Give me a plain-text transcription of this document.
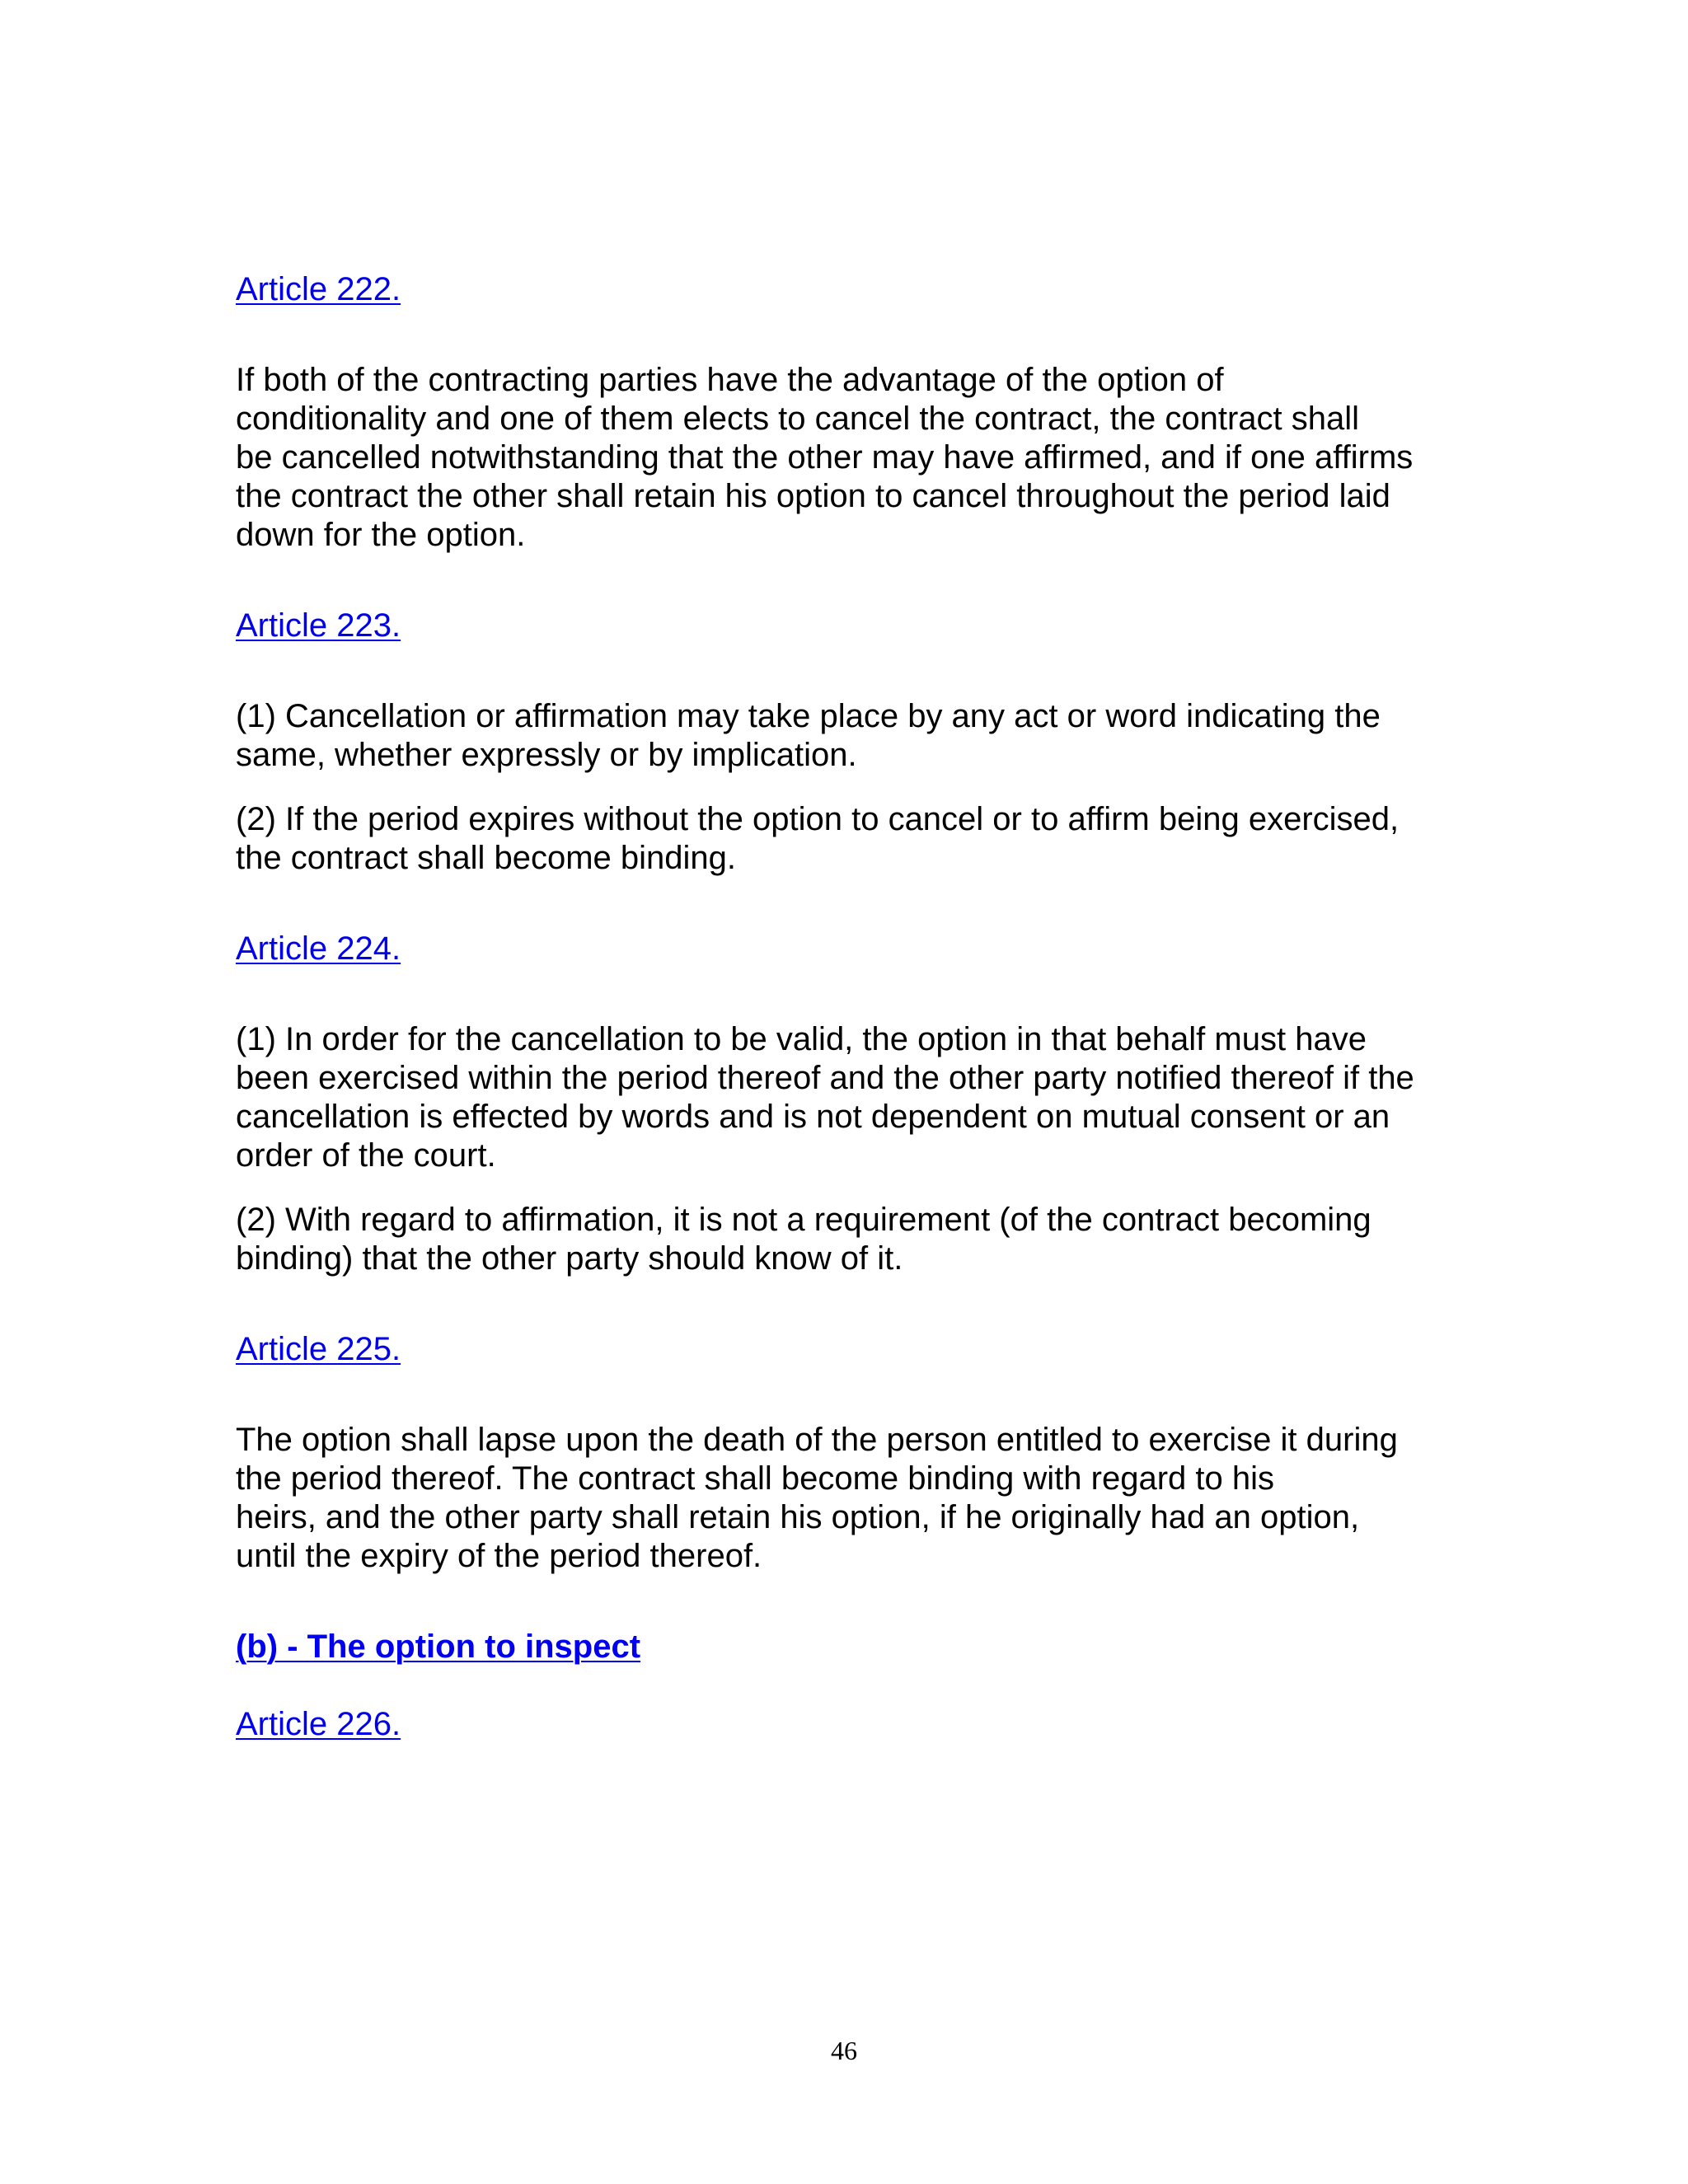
Article 222.
If both of the contracting parties have the advantage of the option of
conditionality and one of them elects to cancel the contract, the contract shall
be cancelled notwithstanding that the other may have affirmed, and if one affirms
the contract the other shall retain his option to cancel throughout the period laid
down for the option.
Article 223.
(1) Cancellation or affirmation may take place by any act or word indicating the
same, whether expressly or by implication.
(2) If the period expires without the option to cancel or to affirm being exercised,
the contract shall become binding.
Article 224.
(1) In order for the cancellation to be valid, the option in that behalf must have
been exercised within the period thereof and the other party notified thereof if the
cancellation is effected by words and is not dependent on mutual consent or an
order of the court.
(2) With regard to affirmation, it is not a requirement (of the contract becoming
binding) that the other party should know of it.
Article 225.
The option shall lapse upon the death of the person entitled to exercise it during
the period thereof. The contract shall become binding with regard to his
heirs, and the other party shall retain his option, if he originally had an option,
until the expiry of the period thereof.
(b) - The option to inspect
Article 226.
46
